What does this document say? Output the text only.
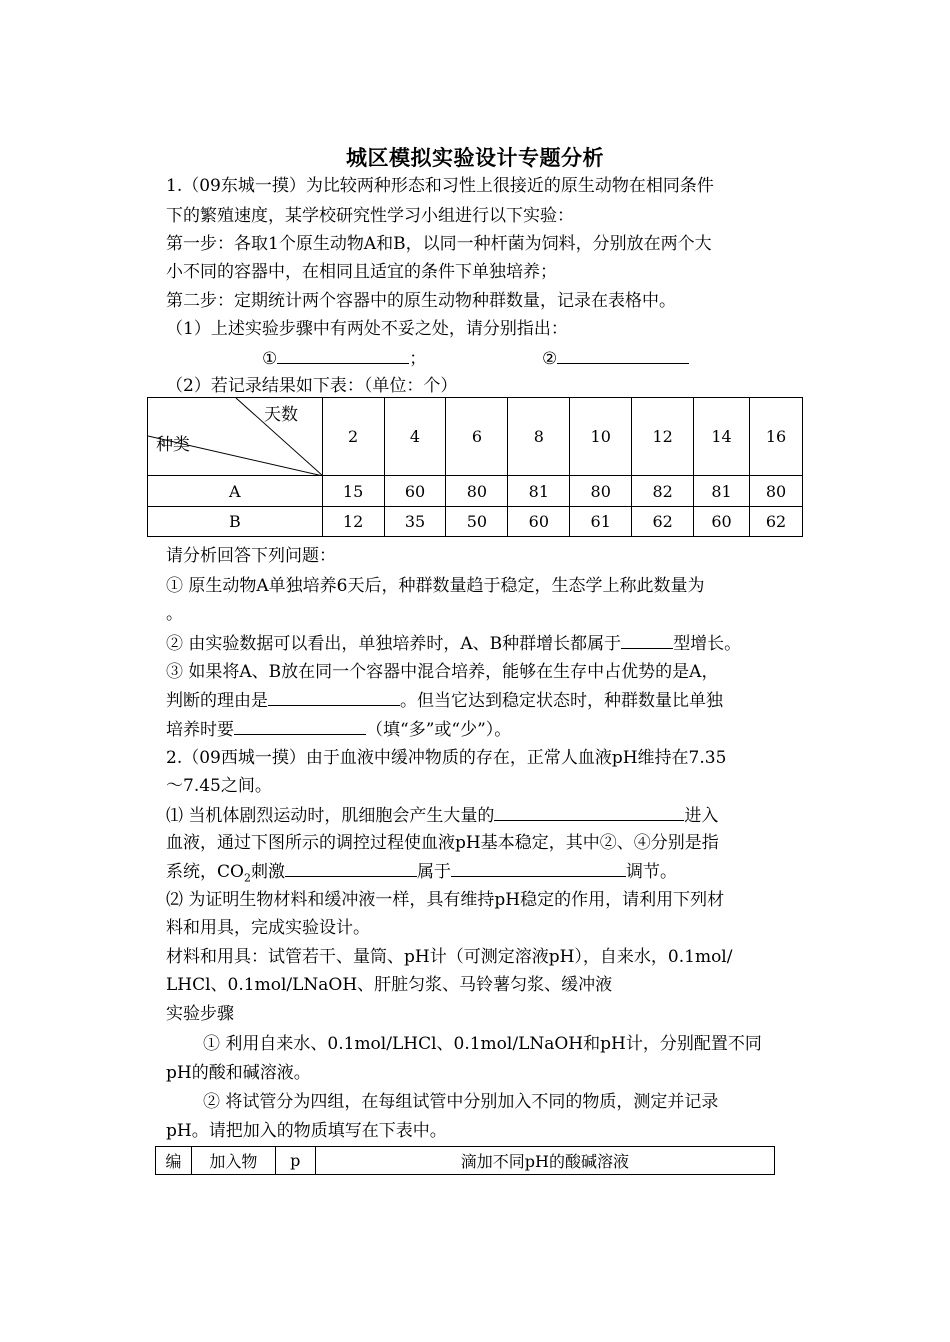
城区模拟实验设计专题分析
1.（09东城一摸）为比较两种形态和习性上很接近的原生动物在相同条件
下的繁殖速度，某学校研究性学习小组进行以下实验：
第一步：各取1个原生动物A和B，以同一种杆菌为饲料，分别放在两个大
小不同的容器中，在相同且适宜的条件下单独培养；
第二步：定期统计两个容器中的原生动物种群数量，记录在表格中。
（1）上述实验步骤中有两处不妥之处，请分别指出：
①	；	②
（2）若记录结果如下表：（单位：个）
天数
种类	2	4	6	8	10	12	14	16
A	15	60	80	81	80	82	81	80
B	12	35	50	60	61	62	60	62
请分析回答下列问题：
① 原生动物A单独培养6天后，种群数量趋于稳定，生态学上称此数量为
。
② 由实验数据可以看出，单独培养时，A、B种群增长都属于	型增长。
③ 如果将A、B放在同一个容器中混合培养，能够在生存中占优势的是A，
判断的理由是	。但当它达到稳定状态时，种群数量比单独
培养时要	（填“多”或“少”）。
2.（09西城一摸）由于血液中缓冲物质的存在，正常人血液pH维持在7.35
～7.45之间。
⑴ 当机体剧烈运动时，肌细胞会产生大量的	进入
血液，通过下图所示的调控过程使血液pH基本稳定，其中②、④分别是指
系统，$CO_2$刺激	属于	调节。
⑵ 为证明生物材料和缓冲液一样，具有维持pH稳定的作用，请利用下列材
料和用具，完成实验设计。
材料和用具：试管若干、量筒、pH计（可测定溶液pH），自来水，0.1mol/
LHCl、0.1mol/LNaOH、肝脏匀浆、马铃薯匀浆、缓冲液
实验步骤
① 利用自来水、0.1mol/LHCl、0.1mol/LNaOH和pH计，分别配置不同
pH的酸和碱溶液。
② 将试管分为四组，在每组试管中分别加入不同的物质，测定并记录
pH。请把加入的物质填写在下表中。
编	加入物	p	滴加不同pH的酸碱溶液
